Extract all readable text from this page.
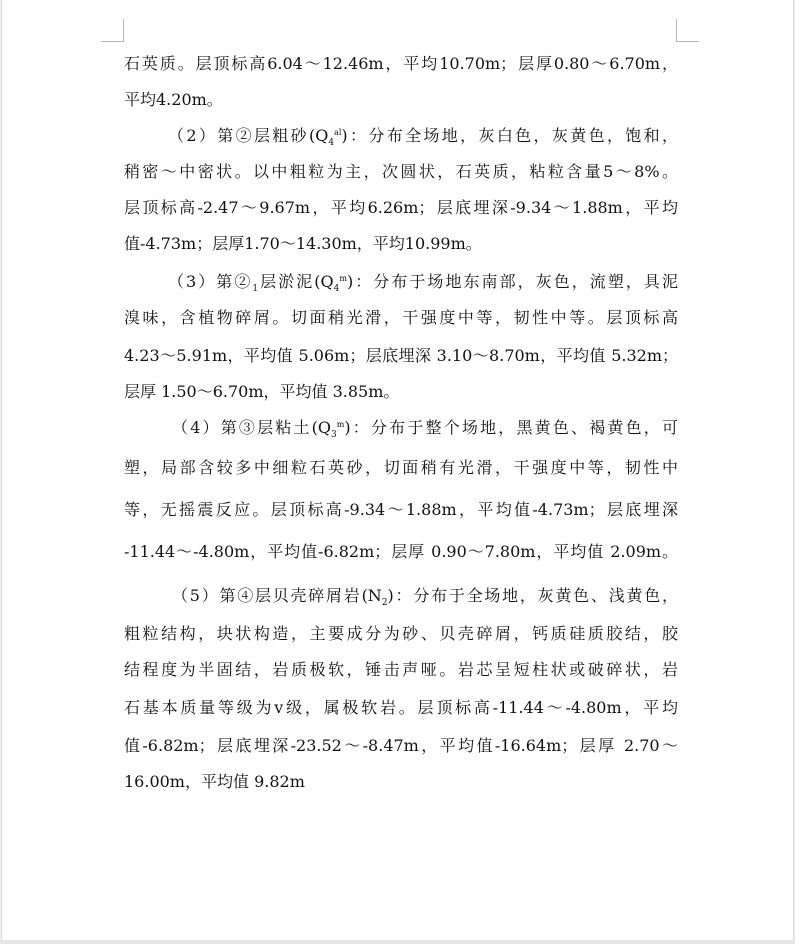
石英质。层顶标高6.04～12.46m，平均10.70m；层厚0.80～6.70m，
平均4.20m。
（2）第②层粗砂$(Q_4^{al})$：分布全场地，灰白色，灰黄色，饱和，
稍密～中密状。以中粗粒为主，次圆状，石英质，粘粒含量5～8%。
层顶标高-2.47～9.67m，平均6.26m；层底埋深-9.34～1.88m，平均
值-4.73m；层厚1.70～14.30m，平均10.99m。
（3）第$②_1$层淤泥$(Q_4^m)$：分布于场地东南部，灰色，流塑，具泥
溴味，含植物碎屑。切面稍光滑，干强度中等，韧性中等。层顶标高
4.23～5.91m，平均值 5.06m；层底埋深 3.10～8.70m，平均值 5.32m；
层厚 1.50～6.70m，平均值 3.85m。
（4）第③层粘土$(Q_3^m)$：分布于整个场地，黑黄色、褐黄色，可
塑，局部含较多中细粒石英砂，切面稍有光滑，干强度中等，韧性中
等，无摇震反应。层顶标高-9.34～1.88m，平均值-4.73m；层底埋深
-11.44～-4.80m，平均值-6.82m；层厚 0.90～7.80m，平均值 2.09m。
（5）第④层贝壳碎屑岩$(N_2)$：分布于全场地，灰黄色、浅黄色，
粗粒结构，块状构造，主要成分为砂、贝壳碎屑，钙质硅质胶结，胶
结程度为半固结，岩质极软，锤击声哑。岩芯呈短柱状或破碎状，岩
石基本质量等级为ⅴ级，属极软岩。层顶标高-11.44～-4.80m，平均
值-6.82m；层底埋深-23.52～-8.47m，平均值-16.64m；层厚 2.70～
16.00m，平均值 9.82m
